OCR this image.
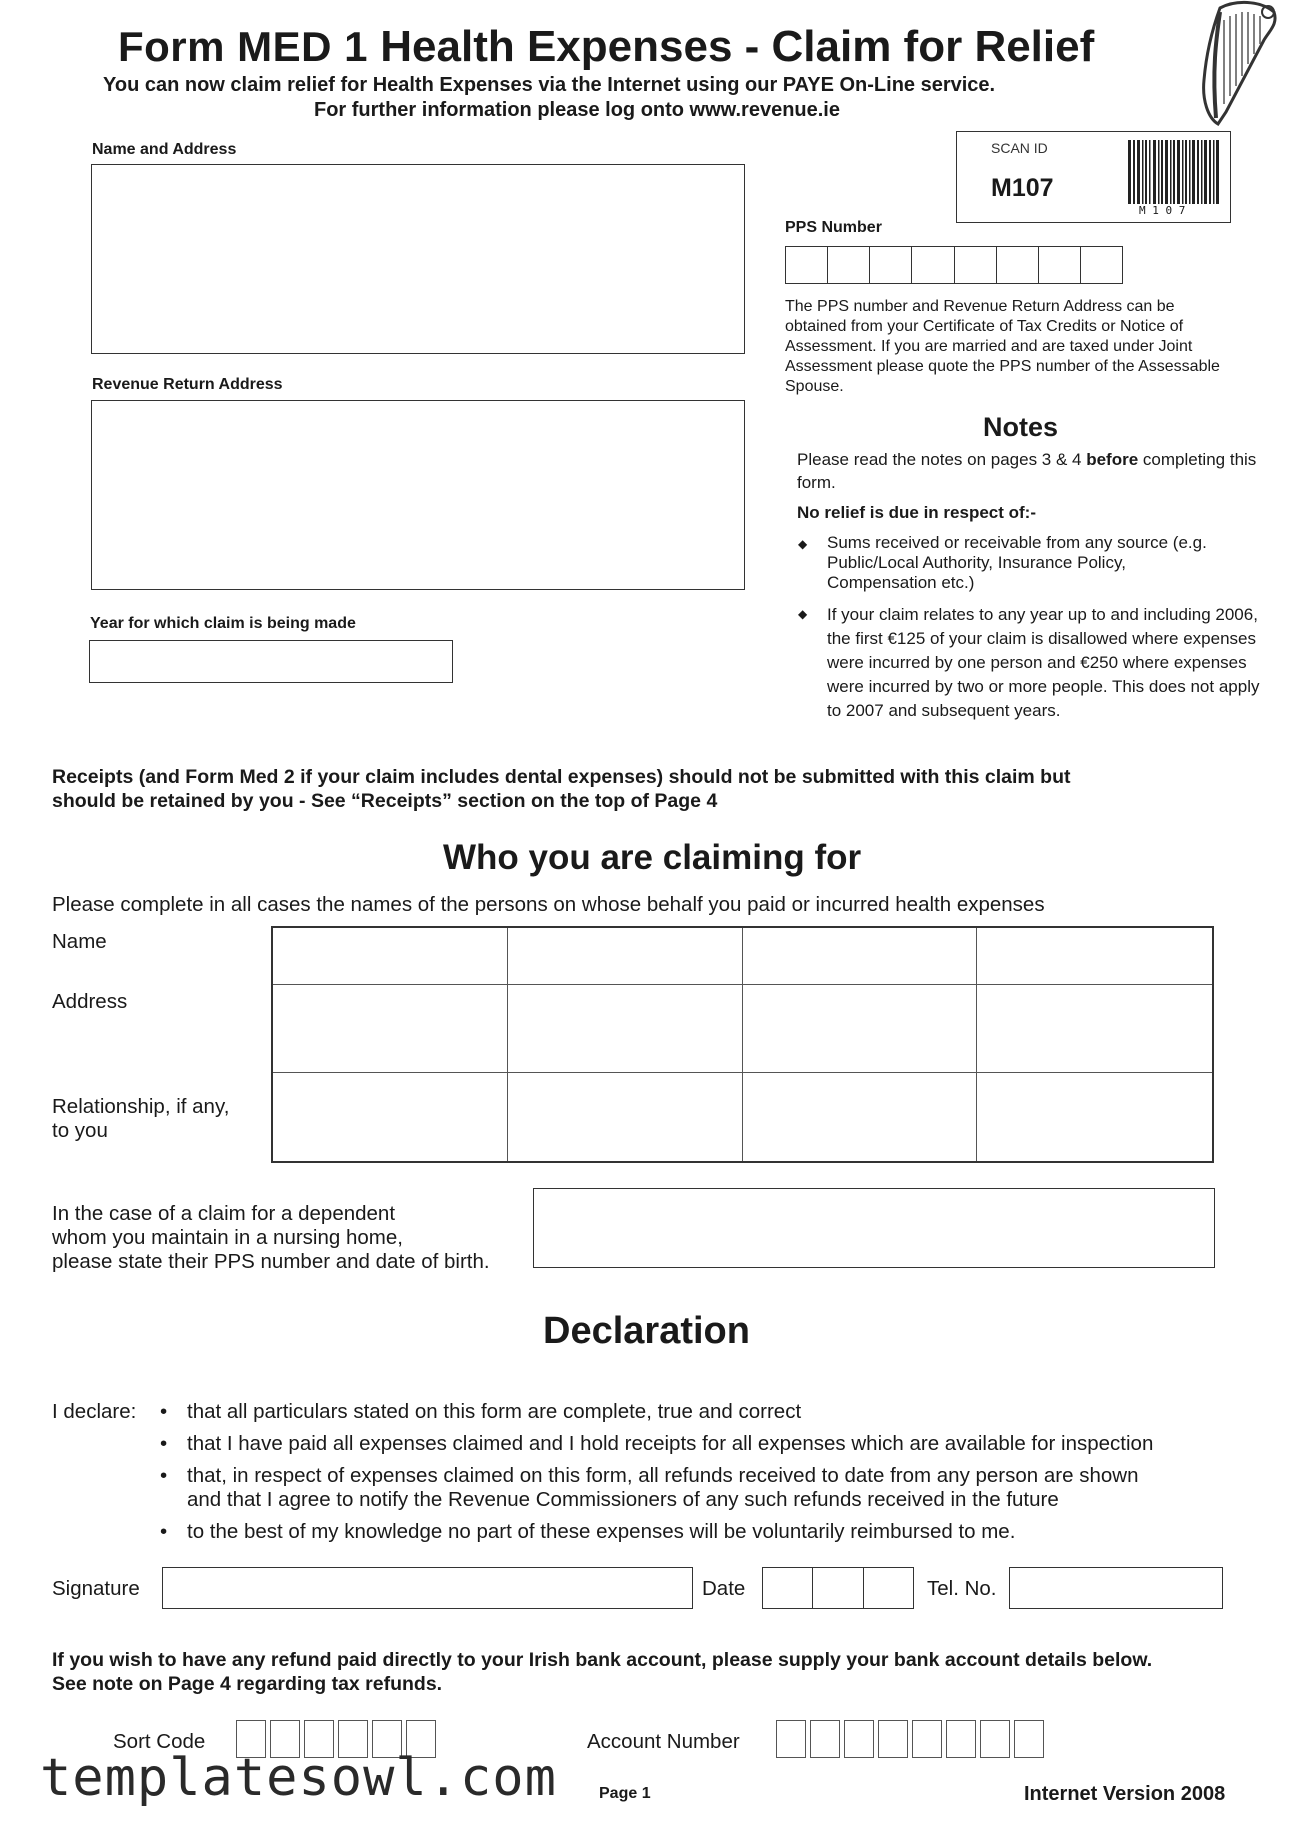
Form MED 1 Health Expenses - Claim for Relief
You can now claim relief for Health Expenses via the Internet using our PAYE On-Line service.
For further information please log onto www.revenue.ie
Name and Address
Revenue Return Address
Year for which claim is being made
SCAN ID
M107
M 1 0 7
PPS Number
The PPS number and Revenue Return Address can be obtained from your Certificate of Tax Credits or Notice of Assessment. If you are married and are taxed under Joint Assessment please quote the PPS number of the Assessable Spouse.
Notes
Please read the notes on pages 3 & 4 before completing this form.
No relief is due in respect of:-
◆ Sums received or receivable from any source (e.g. Public/Local Authority, Insurance Policy, Compensation etc.)
◆ If your claim relates to any year up to and including 2006, the first €125 of your claim is disallowed where expenses were incurred by one person and €250 where expenses were incurred by two or more people. This does not apply to 2007 and subsequent years.
Receipts (and Form Med 2 if your claim includes dental expenses) should not be submitted with this claim but
should be retained by you - See “Receipts” section on the top of Page 4
Who you are claiming for
Please complete in all cases the names of the persons on whose behalf you paid or incurred health expenses
Name
Address
Relationship, if any,
to you
In the case of a claim for a dependent
whom you maintain in a nursing home,
please state their PPS number and date of birth.
Declaration
I declare: • that all particulars stated on this form are complete, true and correct
• that I have paid all expenses claimed and I hold receipts for all expenses which are available for inspection
• that, in respect of expenses claimed on this form, all refunds received to date from any person are shown
and that I agree to notify the Revenue Commissioners of any such refunds received in the future
• to the best of my knowledge no part of these expenses will be voluntarily reimbursed to me.
Signature	Date	Tel. No.
If you wish to have any refund paid directly to your Irish bank account, please supply your bank account details below.
See note on Page 4 regarding tax refunds.
Sort Code	Account Number
templatesowl.com	Page 1	Internet Version 2008
